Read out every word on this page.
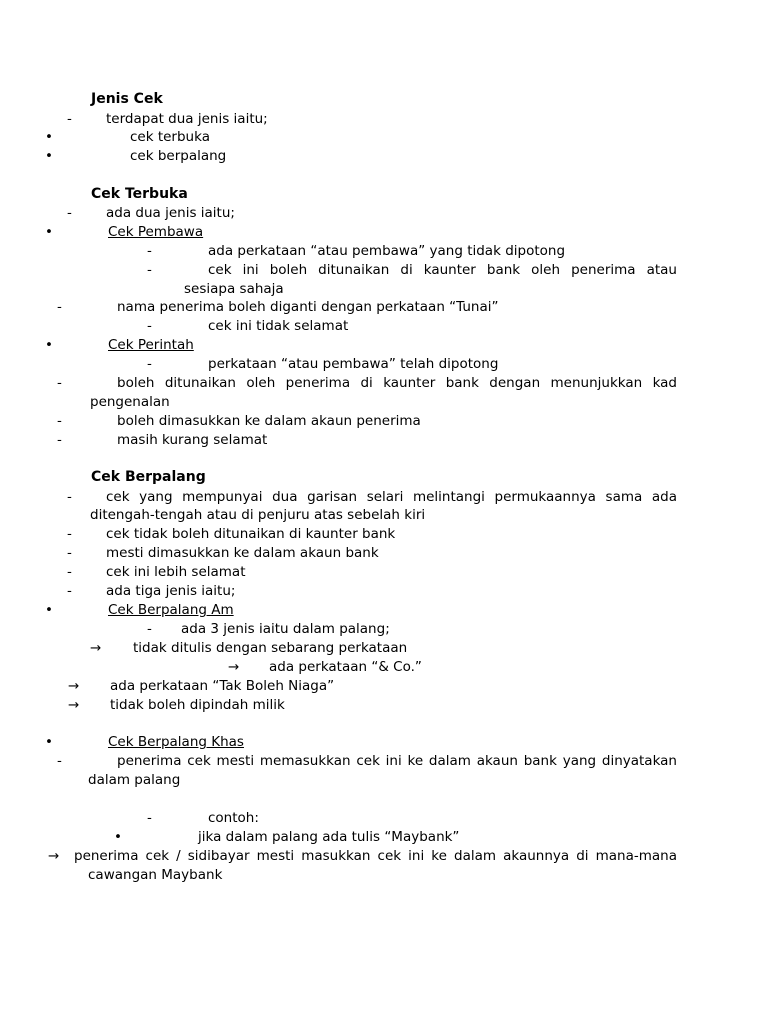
Jenis Cek
-	terdapat dua jenis iaitu;
•	cek terbuka
•	cek berpalang
Cek Terbuka
-	ada dua jenis iaitu;
•	Cek Pembawa
-	ada perkataan “atau pembawa” yang tidak dipotong
-	cek ini boleh ditunaikan di kaunter bank oleh penerima atau
sesiapa sahaja
-	nama penerima boleh diganti dengan perkataan “Tunai”
-	cek ini tidak selamat
•	Cek Perintah
-	perkataan “atau pembawa” telah dipotong
-	boleh ditunaikan oleh penerima di kaunter bank dengan menunjukkan kad
pengenalan
-	boleh dimasukkan ke dalam akaun penerima
-	masih kurang selamat
Cek Berpalang
-	cek yang mempunyai dua garisan selari melintangi permukaannya sama ada
ditengah-tengah atau di penjuru atas sebelah kiri
-	cek tidak boleh ditunaikan di kaunter bank
-	mesti dimasukkan ke dalam akaun bank
-	cek ini lebih selamat
-	ada tiga jenis iaitu;
•	Cek Berpalang Am
- ada 3 jenis iaitu dalam palang;
→ tidak ditulis dengan sebarang perkataan
→ ada perkataan “& Co.”
→ ada perkataan “Tak Boleh Niaga”
→ tidak boleh dipindah milik
•	Cek Berpalang Khas
-	penerima cek mesti memasukkan cek ini ke dalam akaun bank yang dinyatakan
dalam palang
-	contoh:
•	jika dalam palang ada tulis “Maybank”
→ penerima cek / sidibayar mesti masukkan cek ini ke dalam akaunnya di mana-mana
cawangan Maybank
